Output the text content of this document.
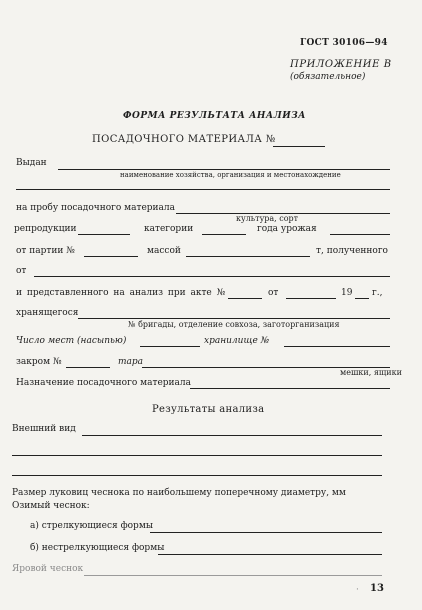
ГОСТ 30106—94
ПРИЛОЖЕНИЕ В
(обязательное)
ФОРМА РЕЗУЛЬТАТА АНАЛИЗА
ПОСАДОЧНОГО МАТЕРИАЛА №
Выдан
наименование хозяйства, организация и местонахождение
на пробу посадочного материала
культура, сорт
репродукции	категории	года урожая
от партии №	массой	т, полученного
от
и представленного на анализ при акте №	от	19 г.,
хранящегося
№ бригады, отделение совхоза, заготорганизация
Число мест (насыпью)	хранилище №
закром №	тара
мешки, ящики
Назначение посадочного материала
Результаты анализа
Внешний вид
Размер луковиц чеснока по наибольшему поперечному диаметру, мм
Озимый чеснок:
а) стрелкующиеся формы
б) нестрелкующиеся формы
Яровой чеснок
· 13
